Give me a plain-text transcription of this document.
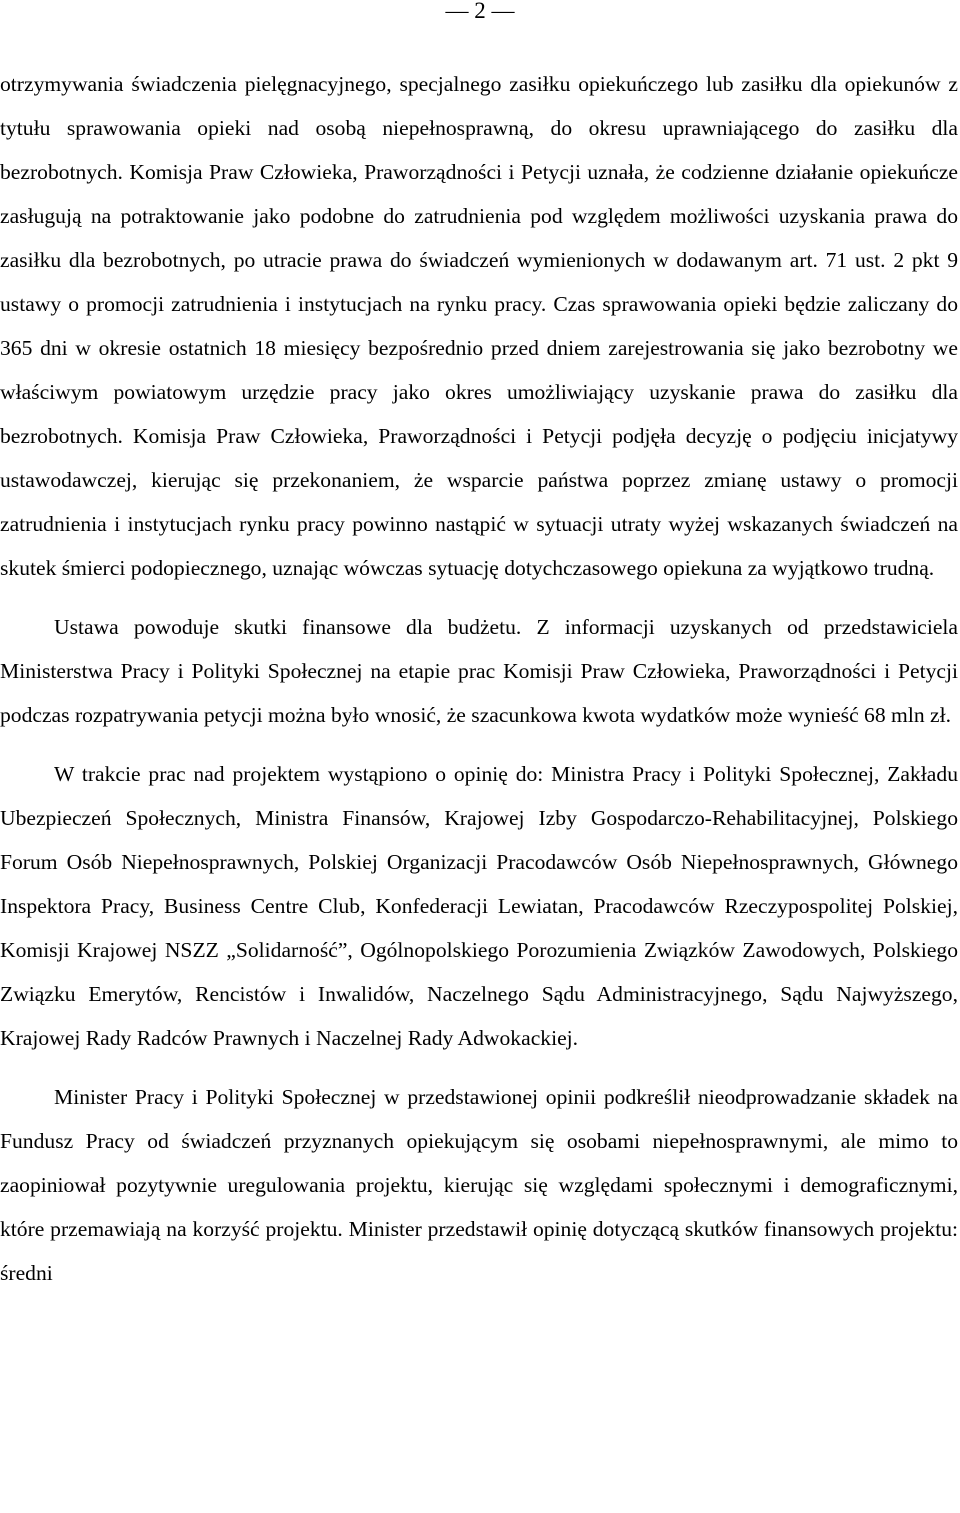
— 2 —

otrzymywania świadczenia pielęgnacyjnego, specjalnego zasiłku opiekuńczego lub zasiłku dla opiekunów z tytułu sprawowania opieki nad osobą niepełnosprawną, do okresu uprawniającego do zasiłku dla bezrobotnych. Komisja Praw Człowieka, Praworządności i Petycji uznała, że codzienne działanie opiekuńcze zasługują na potraktowanie jako podobne do zatrudnienia pod względem możliwości uzyskania prawa do zasiłku dla bezrobotnych, po utracie prawa do świadczeń wymienionych w dodawanym art. 71 ust. 2 pkt 9 ustawy o promocji zatrudnienia i instytucjach na rynku pracy. Czas sprawowania opieki będzie zaliczany do 365 dni w okresie ostatnich 18 miesięcy bezpośrednio przed dniem zarejestrowania się jako bezrobotny we właściwym powiatowym urzędzie pracy jako okres umożliwiający uzyskanie prawa do zasiłku dla bezrobotnych. Komisja Praw Człowieka, Praworządności i Petycji podjęła decyzję o podjęciu inicjatywy ustawodawczej, kierując się przekonaniem, że wsparcie państwa poprzez zmianę ustawy o promocji zatrudnienia i instytucjach rynku pracy powinno nastąpić w sytuacji utraty wyżej wskazanych świadczeń na skutek śmierci podopiecznego, uznając wówczas sytuację dotychczasowego opiekuna za wyjątkowo trudną.

Ustawa powoduje skutki finansowe dla budżetu. Z informacji uzyskanych od przedstawiciela Ministerstwa Pracy i Polityki Społecznej na etapie prac Komisji Praw Człowieka, Praworządności i Petycji podczas rozpatrywania petycji można było wnosić, że szacunkowa kwota wydatków może wynieść 68 mln zł.

W trakcie prac nad projektem wystąpiono o opinię do: Ministra Pracy i Polityki Społecznej, Zakładu Ubezpieczeń Społecznych, Ministra Finansów, Krajowej Izby Gospodarczo-Rehabilitacyjnej, Polskiego Forum Osób Niepełnosprawnych, Polskiej Organizacji Pracodawców Osób Niepełnosprawnych, Głównego Inspektora Pracy, Business Centre Club, Konfederacji Lewiatan, Pracodawców Rzeczypospolitej Polskiej, Komisji Krajowej NSZZ „Solidarność”, Ogólnopolskiego Porozumienia Związków Zawodowych, Polskiego Związku Emerytów, Rencistów i Inwalidów, Naczelnego Sądu Administracyjnego, Sądu Najwyższego, Krajowej Rady Radców Prawnych i Naczelnej Rady Adwokackiej.

Minister Pracy i Polityki Społecznej w przedstawionej opinii podkreślił nieodprowadzanie składek na Fundusz Pracy od świadczeń przyznanych opiekującym się osobami niepełnosprawnymi, ale mimo to zaopiniował pozytywnie uregulowania projektu, kierując się względami społecznymi i demograficznymi, które przemawiają na korzyść projektu. Minister przedstawił opinię dotyczącą skutków finansowych projektu: średni
